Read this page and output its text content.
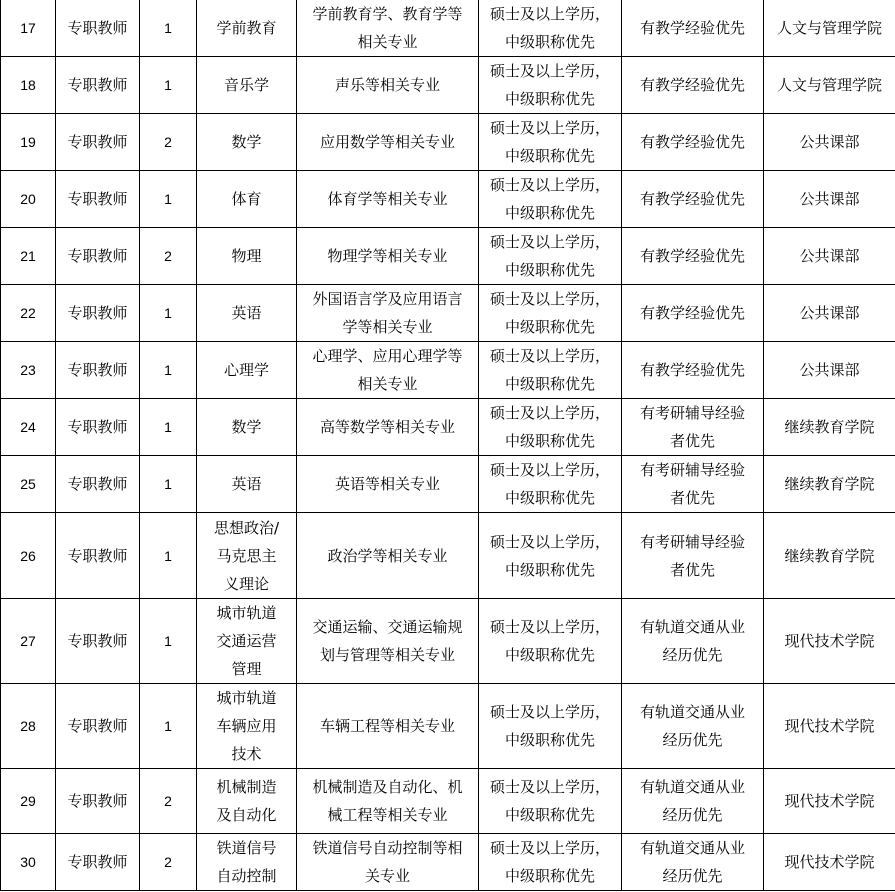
17	专职教师	1	学前教育	学前教育学、教育学等
相关专业	硕士及以上学历，
中级职称优先	有教学经验优先	人文与管理学院
18	专职教师	1	音乐学	声乐等相关专业	硕士及以上学历，
中级职称优先	有教学经验优先	人文与管理学院
19	专职教师	2	数学	应用数学等相关专业	硕士及以上学历，
中级职称优先	有教学经验优先	公共课部
20	专职教师	1	体育	体育学等相关专业	硕士及以上学历，
中级职称优先	有教学经验优先	公共课部
21	专职教师	2	物理	物理学等相关专业	硕士及以上学历，
中级职称优先	有教学经验优先	公共课部
22	专职教师	1	英语	外国语言学及应用语言
学等相关专业	硕士及以上学历，
中级职称优先	有教学经验优先	公共课部
23	专职教师	1	心理学	心理学、应用心理学等
相关专业	硕士及以上学历，
中级职称优先	有教学经验优先	公共课部
24	专职教师	1	数学	高等数学等相关专业	硕士及以上学历，
中级职称优先	有考研辅导经验
者优先	继续教育学院
25	专职教师	1	英语	英语等相关专业	硕士及以上学历，
中级职称优先	有考研辅导经验
者优先	继续教育学院
26	专职教师	1	思想政治/
马克思主
义理论	政治学等相关专业	硕士及以上学历，
中级职称优先	有考研辅导经验
者优先	继续教育学院
27	专职教师	1	城市轨道
交通运营
管理	交通运输、交通运输规
划与管理等相关专业	硕士及以上学历，
中级职称优先	有轨道交通从业
经历优先	现代技术学院
28	专职教师	1	城市轨道
车辆应用
技术	车辆工程等相关专业	硕士及以上学历，
中级职称优先	有轨道交通从业
经历优先	现代技术学院
29	专职教师	2	机械制造
及自动化	机械制造及自动化、机
械工程等相关专业	硕士及以上学历，
中级职称优先	有轨道交通从业
经历优先	现代技术学院
30	专职教师	2	铁道信号
自动控制	铁道信号自动控制等相
关专业	硕士及以上学历，
中级职称优先	有轨道交通从业
经历优先	现代技术学院
